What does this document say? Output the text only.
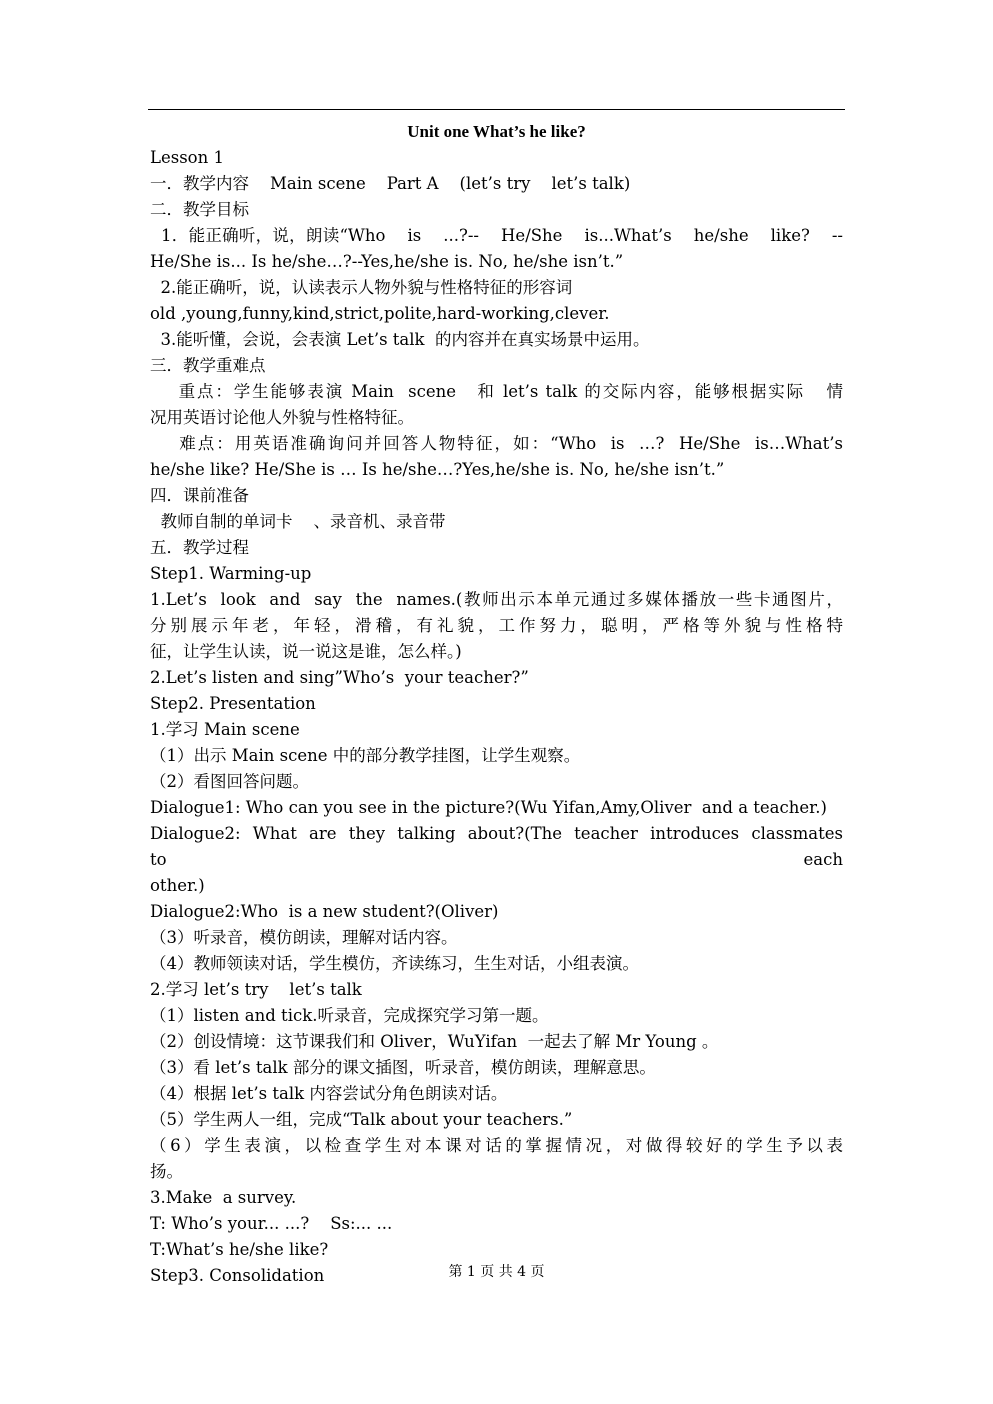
Unit one What’s he like?
Lesson 1
一．教学内容    Main scene    Part A    (let’s try    let’s talk)
二．教学目标
1．能正确听，说，朗读“Who    is    ...?--    He/She    is...What’s    he/she    like?    --
He/She is... Is he/she…?--Yes,he/she is. No, he/she isn’t.”
2.能正确听，说，认读表示人物外貌与性格特征的形容词
old ,young,funny,kind,strict,polite,hard-working,clever.
3.能听懂，会说，会表演 Let’s talk  的内容并在真实场景中运用。
三．教学重难点
重点：学生能够表演 Main  scene   和 let’s talk 的交际内容，能够根据实际   情
况用英语讨论他人外貌与性格特征。
难点：用英语准确询问并回答人物特征，如：“Who  is  …?  He/She  is…What’s
he/she like? He/She is … Is he/she…?Yes,he/she is. No, he/she isn’t.”
四．课前准备
教师自制的单词卡    、录音机、录音带
五．教学过程
Step1. Warming-up
1.Let’s  look  and  say  the  names.(教师出示本单元通过多媒体播放一些卡通图片，
分别展示年老，年轻，滑稽，有礼貌，工作努力，聪明，严格等外貌与性格特
征，让学生认读，说一说这是谁，怎么样。)
2.Let’s listen and sing”Who’s  your teacher?”
Step2. Presentation
1.学习 Main scene
（1）出示 Main scene 中的部分教学挂图，让学生观察。
（2）看图回答问题。
Dialogue1: Who can you see in the picture?(Wu Yifan,Amy,Oliver  and a teacher.)
Dialogue2:  What  are  they  talking  about?(The  teacher  introduces  classmates  to  each
other.)
Dialogue2:Who  is a new student?(Oliver)
（3）听录音，模仿朗读，理解对话内容。
（4）教师领读对话，学生模仿，齐读练习，生生对话，小组表演。
2.学习 let’s try    let’s talk
（1）listen and tick.听录音，完成探究学习第一题。
（2）创设情境：这节课我们和 Oliver，WuYifan  一起去了解 Mr Young 。
（3）看 let’s talk 部分的课文插图，听录音，模仿朗读，理解意思。
（4）根据 let’s talk 内容尝试分角色朗读对话。
（5）学生两人一组，完成“Talk about your teachers.”
（6）学生表演，以检查学生对本课对话的掌握情况，对做得较好的学生予以表
扬。
3.Make  a survey.
T: Who’s your... ...?    Ss:... ...
T:What’s he/she like?
Step3. Consolidation	第 1 页 共 4 页
